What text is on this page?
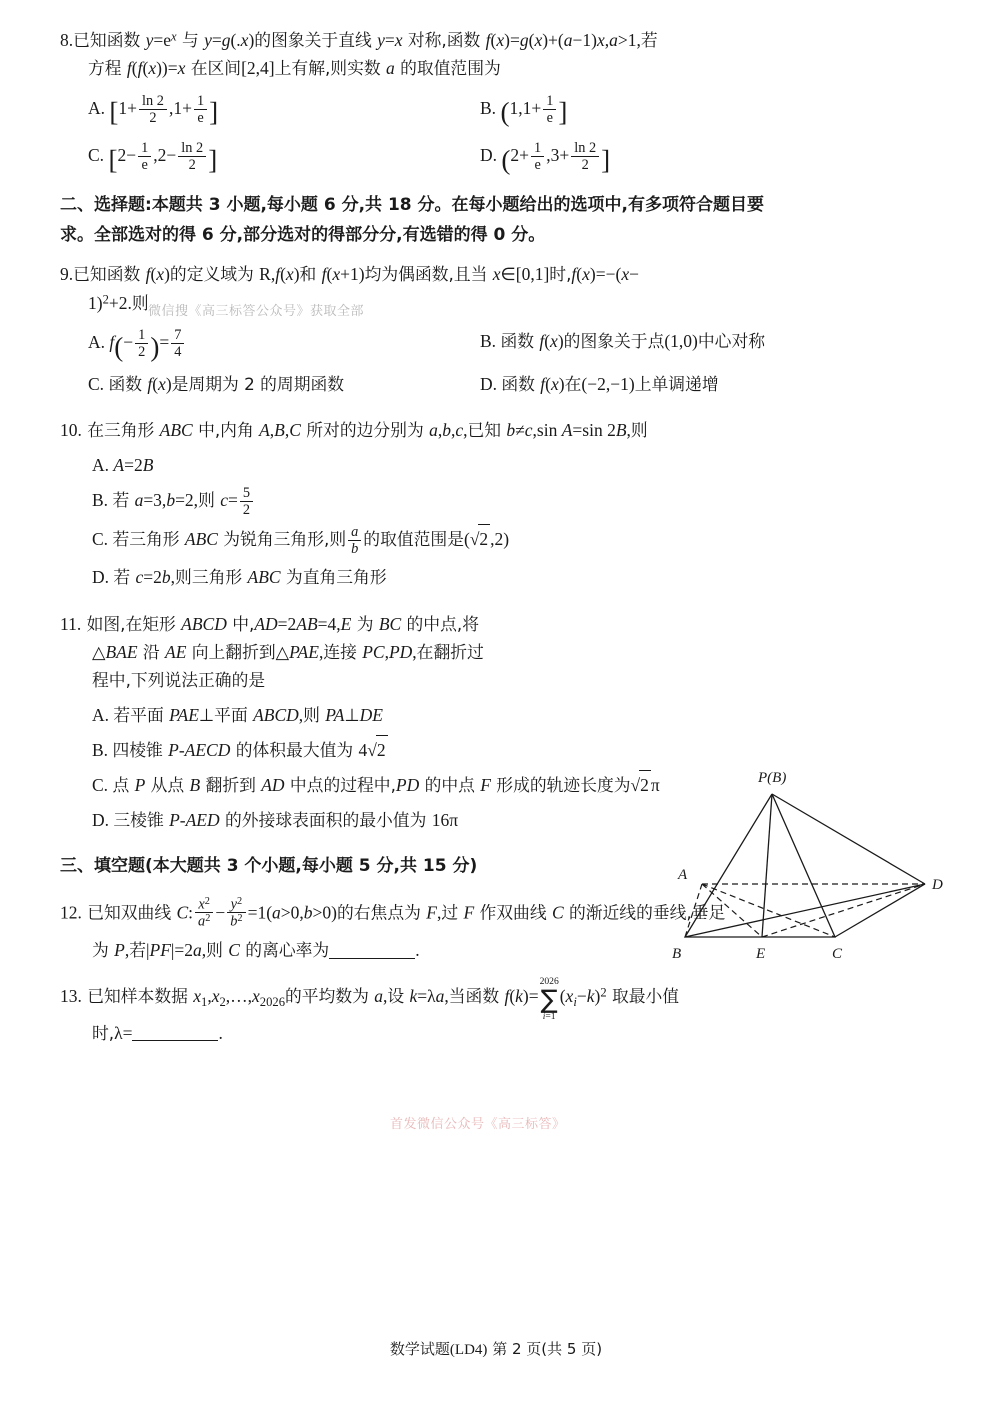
8.已知函数 $y=e^x$ 与 y=g(.x)的图象关于直线 y=x 对称,函数 f(x)=g(x)+(a−1)x,a>1,若
方程 f(f(x))=x 在区间[2,4]上有解,则实数 a 的取值范围为
A. [$1+ \frac{\ln 2}{2} ,1+ \frac{1}{e}$ ]	B. ($1,1+ \frac{1}{e}$ ]
C. [$2- \frac{1}{e} ,2- \frac{\ln 2}{2}$ ]	D. ($2+ \frac{1}{e} ,3+ \frac{\ln 2}{2}$ ]
二、选择题:本题共 3 小题,每小题 6 分,共 18 分。在每小题给出的选项中,有多项符合题目要
求。全部选对的得 6 分,部分选对的得部分分,有选错的得 0 分。
9.已知函数 f(x)的定义域为 R,f(x)和 f(x+1)均为偶函数,且当 x∈[0,1]时,f(x)=−(x−
1)$^2$+2.则
A. $f(- \frac{1}{2}$ )= $\frac{7}{4}$	B. 函数 f(x)的图象关于点(1,0)中心对称
C. 函数 f(x)是周期为 2 的周期函数	D. 函数 f(x)在(−2,−1)上单调递增
10. 在三角形 ABC 中,内角 A,B,C 所对的边分别为 a,b,c,已知 b≠c,sin A=sin 2B,则
A. A=2B
B. 若 a=3,b=2,则 $c= \frac{5}{2}$
C. 若三角形 ABC 为锐角三角形,则 $\frac{a}{b}$ 的取值范围是(√2 ,2)
D. 若 c=2b,则三角形 ABC 为直角三角形
11. 如图,在矩形 ABCD 中,AD=2AB=4,E 为 BC 的中点,将
△BAE 沿 AE 向上翻折到△PAE,连接 PC,PD,在翻折过
程中,下列说法正确的是
A. 若平面 PAE⊥平面 ABCD,则 PA⊥DE
B. 四棱锥 P-AECD 的体积最大值为 4√2
C. 点 P 从点 B 翻折到 AD 中点的过程中,PD 的中点 F 形成的轨迹长度为√2 π
D. 三棱锥 P-AED 的外接球表面积的最小值为 16π
三、填空题(本大题共 3 个小题,每小题 5 分,共 15 分)
12. 已知双曲线 C: $\frac{x^2}{a^2} - \frac{y^2}{b^2} =1(a>0,b>0)$的右焦点为 F,过 F 作双曲线 C 的渐近线的垂线,垂足
为 P,若|PF|=2a,则 C 的离心率为	.
13. 已知样本数据 $x_1,x_2,\dots,x_{2026}$的平均数为 a,设 k=λa,当函数 f(k)=
2026
∑
i=1
$(x_i-k)^2$ 取最小值
时,λ=	.
P(B)
A
D
B	E	C
微信搜《高三标答公众号》获取全部
首发微信公众号《高三标答》
数学试题(LD4) 第 2 页(共 5 页)
